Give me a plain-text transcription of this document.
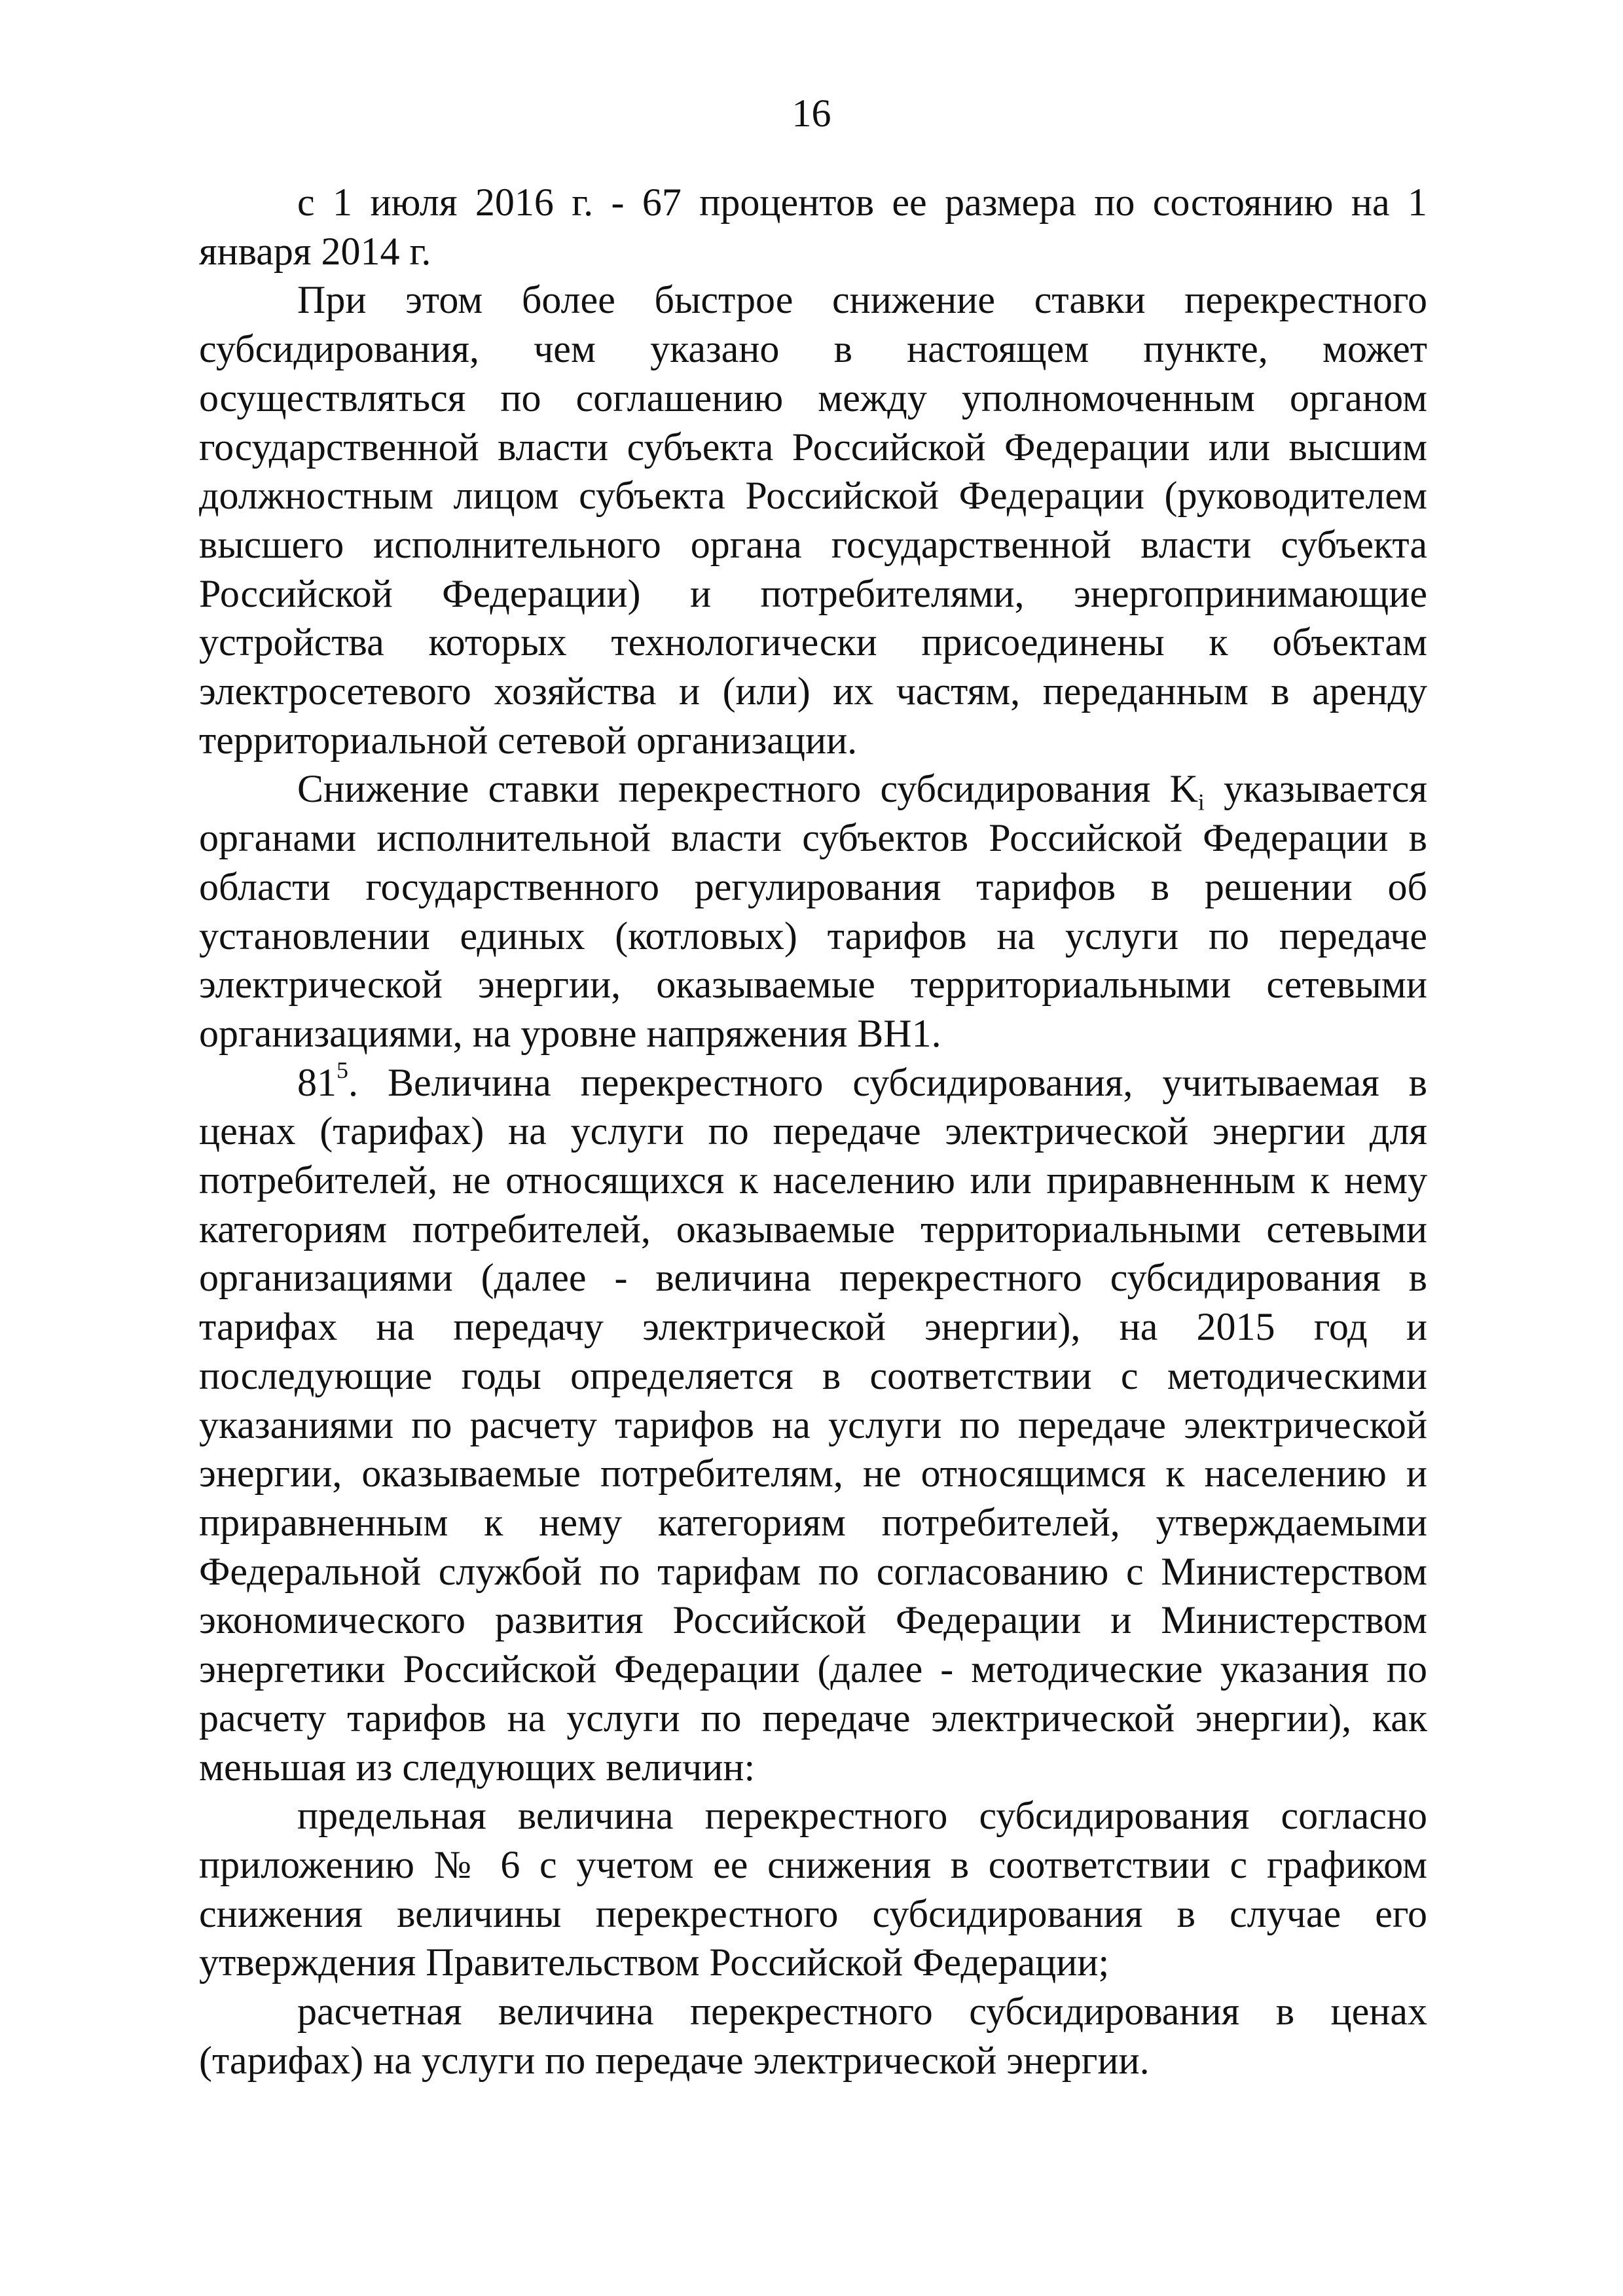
16

с 1 июля 2016 г. - 67 процентов ее размера по состоянию на 1 января 2014 г.

При этом более быстрое снижение ставки перекрестного субсидирования, чем указано в настоящем пункте, может осуществляться по соглашению между уполномоченным органом государственной власти субъекта Российской Федерации или высшим должностным лицом субъекта Российской Федерации (руководителем высшего исполнительного органа государственной власти субъекта Российской Федерации) и потребителями, энергопринимающие устройства которых технологически присоединены к объектам электросетевого хозяйства и (или) их частям, переданным в аренду территориальной сетевой организации.

Снижение ставки перекрестного субсидирования $K_i$ указывается органами исполнительной власти субъектов Российской Федерации в области государственного регулирования тарифов в решении об установлении единых (котловых) тарифов на услуги по передаче электрической энергии, оказываемые территориальными сетевыми организациями, на уровне напряжения ВН1.

$81^5$. Величина перекрестного субсидирования, учитываемая в ценах (тарифах) на услуги по передаче электрической энергии для потребителей, не относящихся к населению или приравненным к нему категориям потребителей, оказываемые территориальными сетевыми организациями (далее - величина перекрестного субсидирования в тарифах на передачу электрической энергии), на 2015 год и последующие годы определяется в соответствии с методическими указаниями по расчету тарифов на услуги по передаче электрической энергии, оказываемые потребителям, не относящимся к населению и приравненным к нему категориям потребителей, утверждаемыми Федеральной службой по тарифам по согласованию с Министерством экономического развития Российской Федерации и Министерством энергетики Российской Федерации (далее - методические указания по расчету тарифов на услуги по передаче электрической энергии), как меньшая из следующих величин:

предельная величина перекрестного субсидирования согласно приложению № 6 с учетом ее снижения в соответствии с графиком снижения величины перекрестного субсидирования в случае его утверждения Правительством Российской Федерации;

расчетная величина перекрестного субсидирования в ценах (тарифах) на услуги по передаче электрической энергии.
